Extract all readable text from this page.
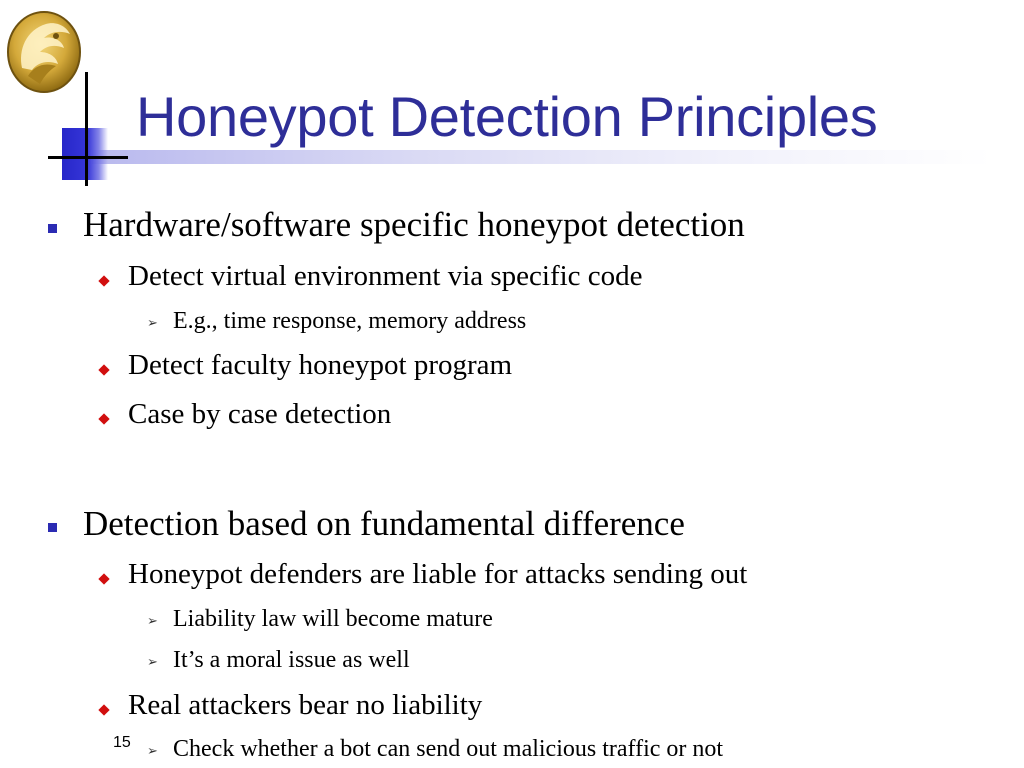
Honeypot Detection Principles
Hardware/software specific honeypot detection
Detect virtual environment via specific code
➢ E.g., time response, memory address
Detect faculty honeypot program
Case by case detection
Detection based on fundamental difference
Honeypot defenders are liable for attacks sending out
➢ Liability law will become mature
➢ It’s a moral issue as well
Real attackers bear no liability
➢ Check whether a bot can send out malicious traffic or not
15
